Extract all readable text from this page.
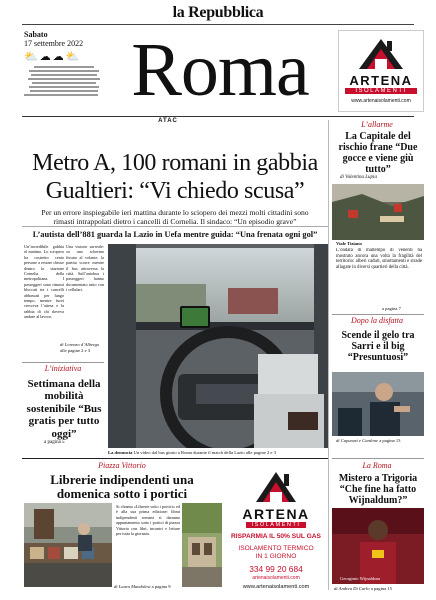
la Repubblica
Sabato
17 settembre 2022
⛅☁☁⛅ Roma	ARTENA
ISOLAMENTI
www.artenaisolamenti.com
ATAC
Metro A, 100 romani in gabbia
Gualtieri: “Vi chiedo scusa”
Per un errore inspiegabile ieri mattina durante lo sciopero dei mezzi molti cittadini sono rimasti intrappolati dietro i cancelli di Cornelia. Il sindaco: “Un episodio grave”
L’autista dell’881 guarda la Lazio in Uefa mentre guida: “Una frenata ogni gol”
Un’incredibile gabbia al mattino. Lo sciopero ha costretto cento persone a restare chiuse dentro la stazione Cornelia della metropolitana. I passeggeri sono rimasti bloccati tra i cancelli abbassati per lungo tempo, mentre fuori cresceva l’attesa e la rabbia di chi doveva andare al lavoro.
Una visione surreale: su uno schermo fissato al volante, la partita scorre mentre il bus attraversa la città. Sull’autobus i passeggeri hanno documentato tutto con i cellulari.
di Lorenzo d’Albergo
alle pagine 2 e 3
La denuncia Un video dal bus girato a Roma durante il match della Lazio alle pagine 2 e 3
L’iniziativa
Settimana della mobilità sostenibile “Bus gratis per tutto oggi”
a pagina 5
Piazza Vittorio
Librerie indipendenti una domenica sotto i portici
Si chiama «Librerie sotto i portici» ed è alla sua prima edizione: librai indipendenti romani si daranno appuntamento sotto i portici di piazza Vittorio con libri, incontri e letture per tutta la giornata.
di Laura Mandolesi a pagina 9
ARTENA
ISOLAMENTI
RISPARMIA IL 50% SUL GAS
ISOLAMENTO TERMICO
IN 1 GIORNO
334 99 20 684
artenaisolamenti.com
www.artenaisolamenti.com
L’allarme
La Capitale del rischio frane “Due gocce e viene giù tutto”
di Valentina Lupia
Viale Tiziano
L’ondata di maltempo di venerdì ha mostrato ancora una volta la fragilità del territorio: alberi caduti, smottamenti e strade allagate in diversi quartieri della città.
a pagina 7
Dopo la disfatta
Scende il gelo tra Sarri e il big “Presuntuosi”
di Capuozzi e Cardone a pagina 13
La Roma
Mistero a Trigoria “Che fine ha fatto Wijnaldum?”
Georginio Wijnaldum
di Andrea Di Carlo a pagina 15
